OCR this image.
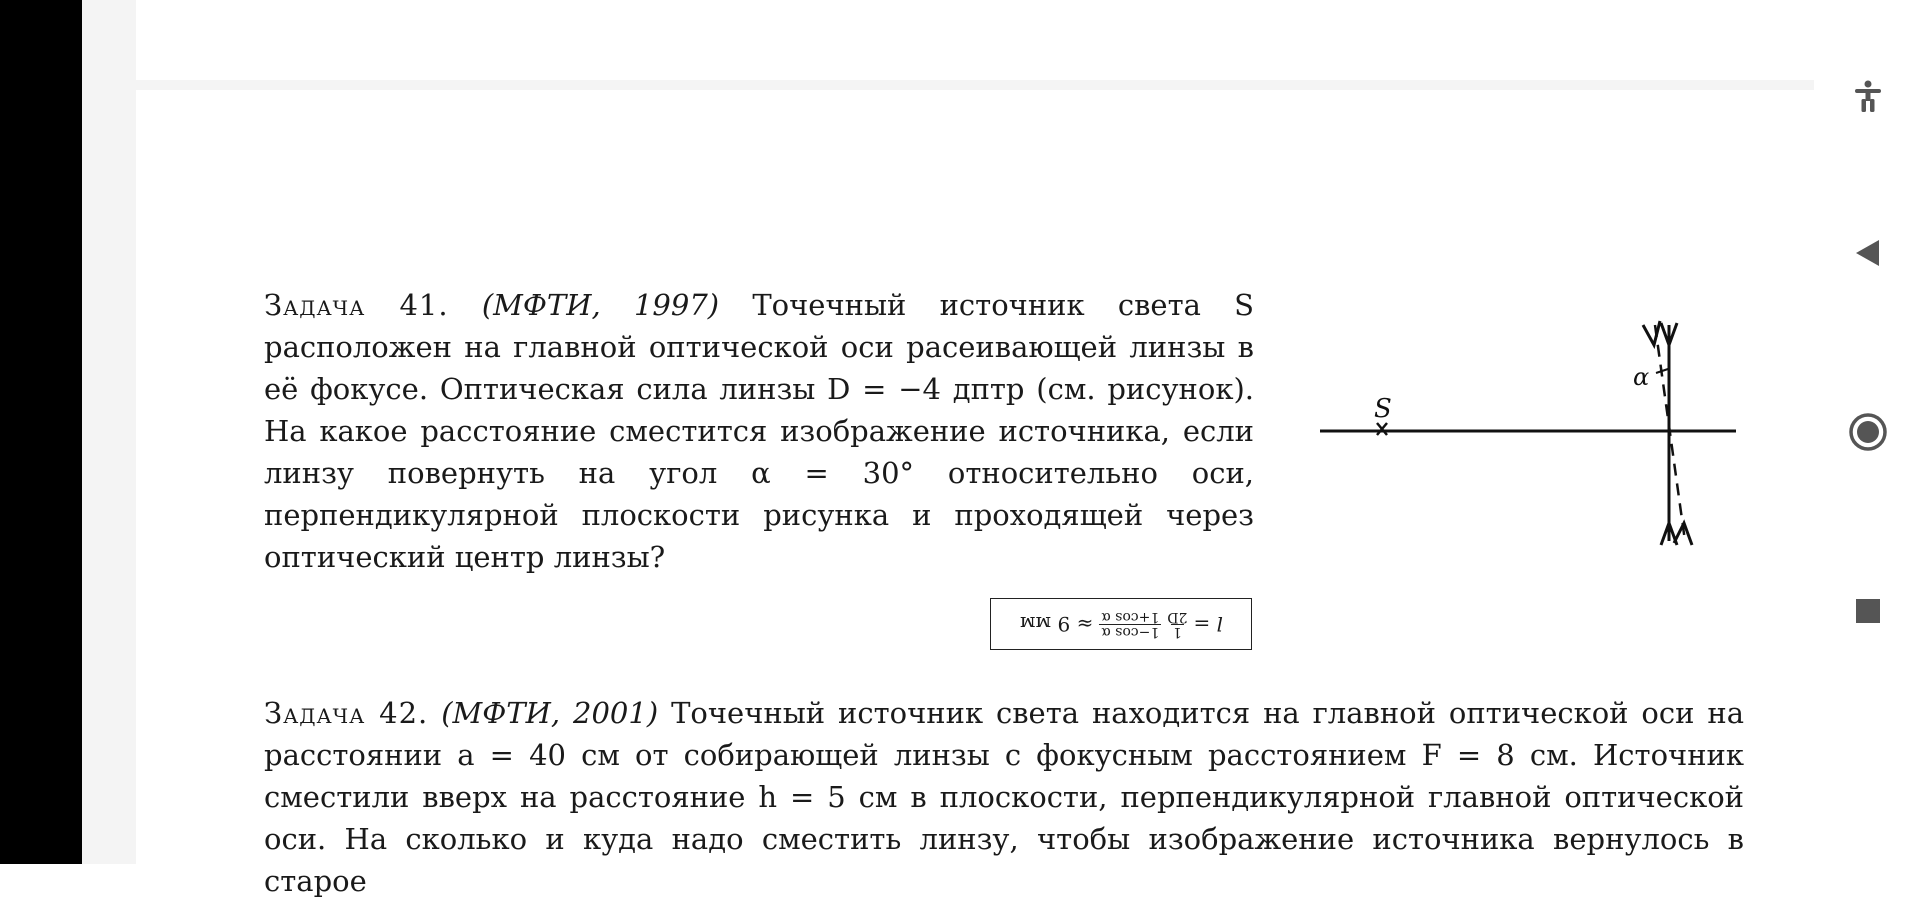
Задача 41. (МФТИ, 1997) Точечный источник света S расположен на главной оптической оси расеивающей линзы в её фокусе. Оптическая сила линзы D = −4 дптр (см. рисунок). На какое расстояние сместится изображение источника, если линзу повернуть на угол α = 30° относительно оси, перпендикулярной плоскости рисунка и проходящей через оптический центр линзы?
l =
1
2D
1−cos α
1+cos α
≈ 9 мм
S
α
Задача 42. (МФТИ, 2001) Точечный источник света находится на главной оптической оси на расстоянии a = 40 см от собирающей линзы с фокусным расстоянием F = 8 см. Источник сместили вверх на расстояние h = 5 см в плоскости, перпендикулярной главной оптической оси. На сколько и куда надо сместить линзу, чтобы изображение источника вернулось в старое
